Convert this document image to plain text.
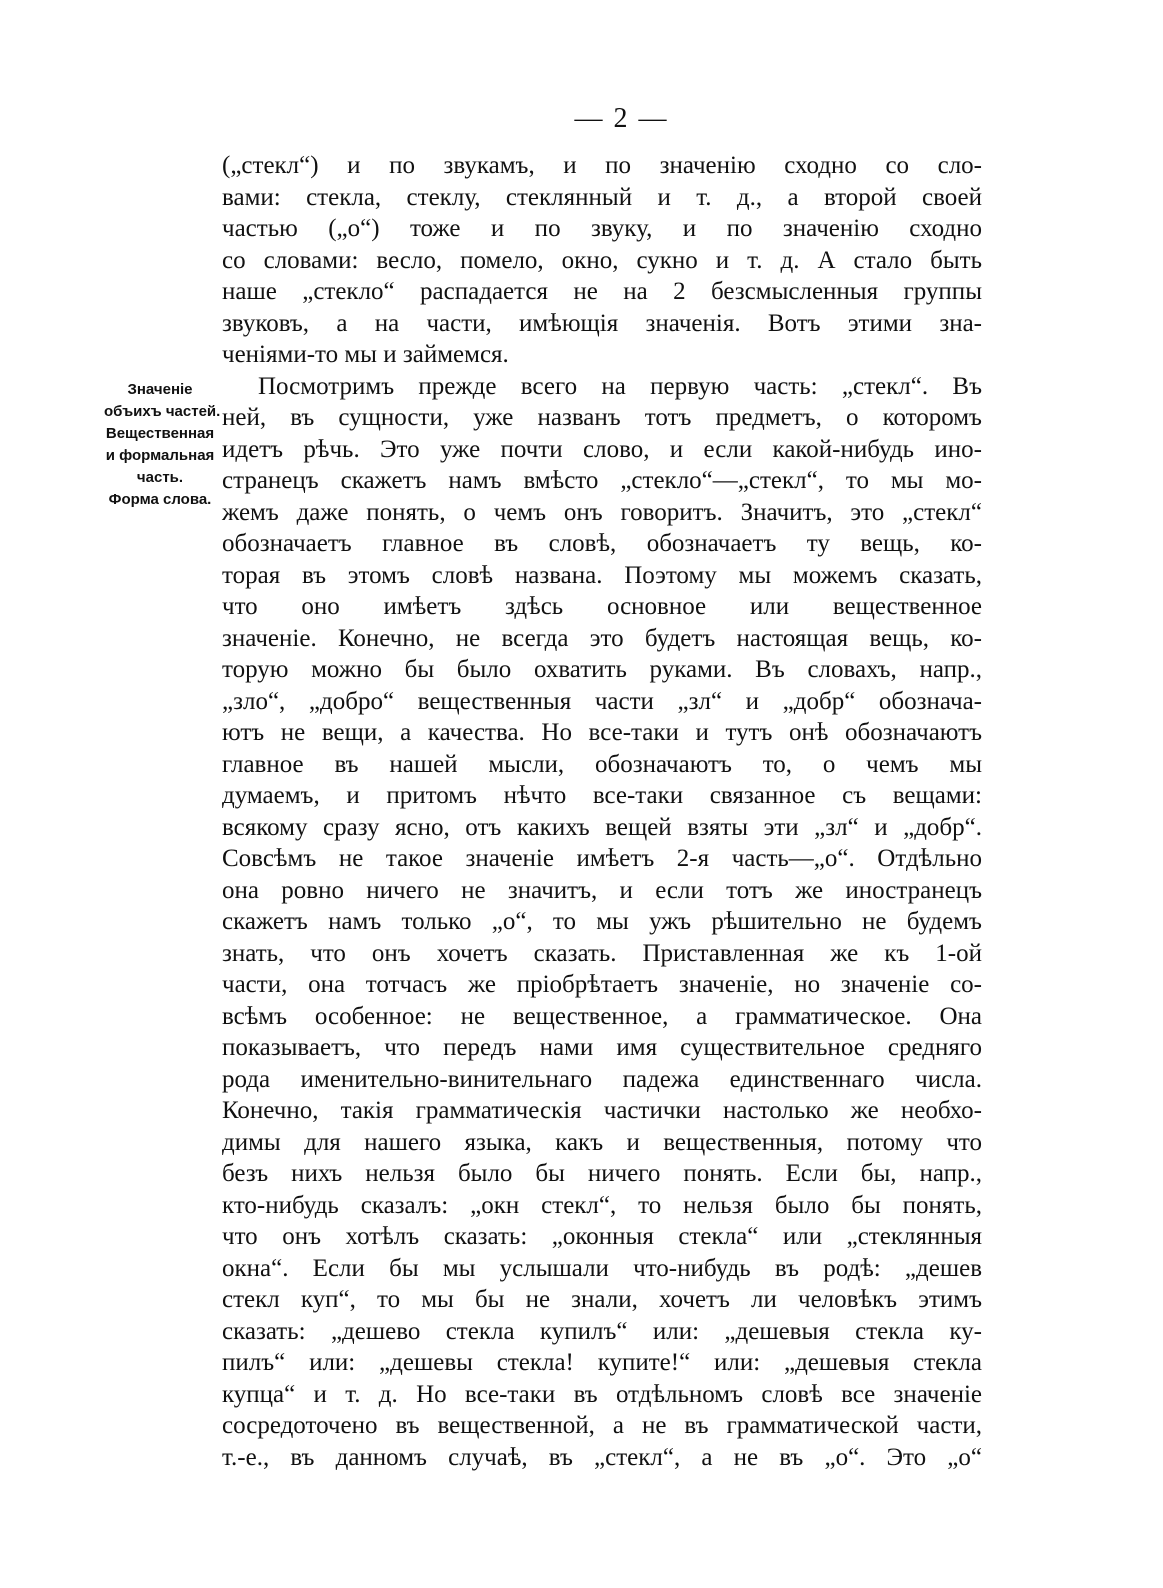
— 2 —
Значеніе
объихъ частей.
Вещественная
и формальная
часть.
Форма слова.
(„стекл“) и по звукамъ, и по значенію сходно со сло-
вами: стекла, стеклу, стеклянный и т. д., а второй своей
частью („о“) тоже и по звуку, и по значенію сходно
со словами: весло, помело, окно, сукно и т. д. А стало быть
наше „стекло“ распадается не на 2 безсмысленныя группы
звуковъ, а на части, имѣющія значенія. Вотъ этими зна-
ченіями-то мы и займемся.
Посмотримъ прежде всего на первую часть: „стекл“. Въ
ней, въ сущности, уже названъ тотъ предметъ, о которомъ
идетъ рѣчь. Это уже почти слово, и если какой-нибудь ино-
странецъ скажетъ намъ вмѣсто „стекло“—„стекл“, то мы мо-
жемъ даже понять, о чемъ онъ говоритъ. Значитъ, это „стекл“
обозначаетъ главное въ словѣ, обозначаетъ ту вещь, ко-
торая въ этомъ словѣ названа. Поэтому мы можемъ сказать,
что оно имѣетъ здѣсь основное или вещественное
значеніе. Конечно, не всегда это будетъ настоящая вещь, ко-
торую можно бы было охватить руками. Въ словахъ, напр.,
„зло“, „добро“ вещественныя части „зл“ и „добр“ обознача-
ютъ не вещи, а качества. Но все-таки и тутъ онѣ обозначаютъ
главное въ нашей мысли, обозначаютъ то, о чемъ мы
думаемъ, и притомъ нѣчто все-таки связанное съ вещами:
всякому сразу ясно, отъ какихъ вещей взяты эти „зл“ и „добр“.
Совсѣмъ не такое значеніе имѣетъ 2-я часть—„о“. Отдѣльно
она ровно ничего не значитъ, и если тотъ же иностранецъ
скажетъ намъ только „о“, то мы ужъ рѣшительно не будемъ
знать, что онъ хочетъ сказать. Приставленная же къ 1-ой
части, она тотчасъ же пріобрѣтаетъ значеніе, но значеніе со-
всѣмъ особенное: не вещественное, а грамматическое. Она
показываетъ, что передъ нами имя существительное средняго
рода именительно-винительнаго падежа единственнаго числа.
Конечно, такія грамматическія частички настолько же необхо-
димы для нашего языка, какъ и вещественныя, потому что
безъ нихъ нельзя было бы ничего понять. Если бы, напр.,
кто-нибудь сказалъ: „окн стекл“, то нельзя было бы понять,
что онъ хотѣлъ сказать: „оконныя стекла“ или „стеклянныя
окна“. Если бы мы услышали что-нибудь въ родѣ: „дешев
стекл куп“, то мы бы не знали, хочетъ ли человѣкъ этимъ
сказать: „дешево стекла купилъ“ или: „дешевыя стекла ку-
пилъ“ или: „дешевы стекла! купите!“ или: „дешевыя стекла
купца“ и т. д. Но все-таки въ отдѣльномъ словѣ все значеніе
сосредоточено въ вещественной, а не въ грамматической части,
т.-е., въ данномъ случаѣ, въ „стекл“, а не въ „о“. Это „о“
